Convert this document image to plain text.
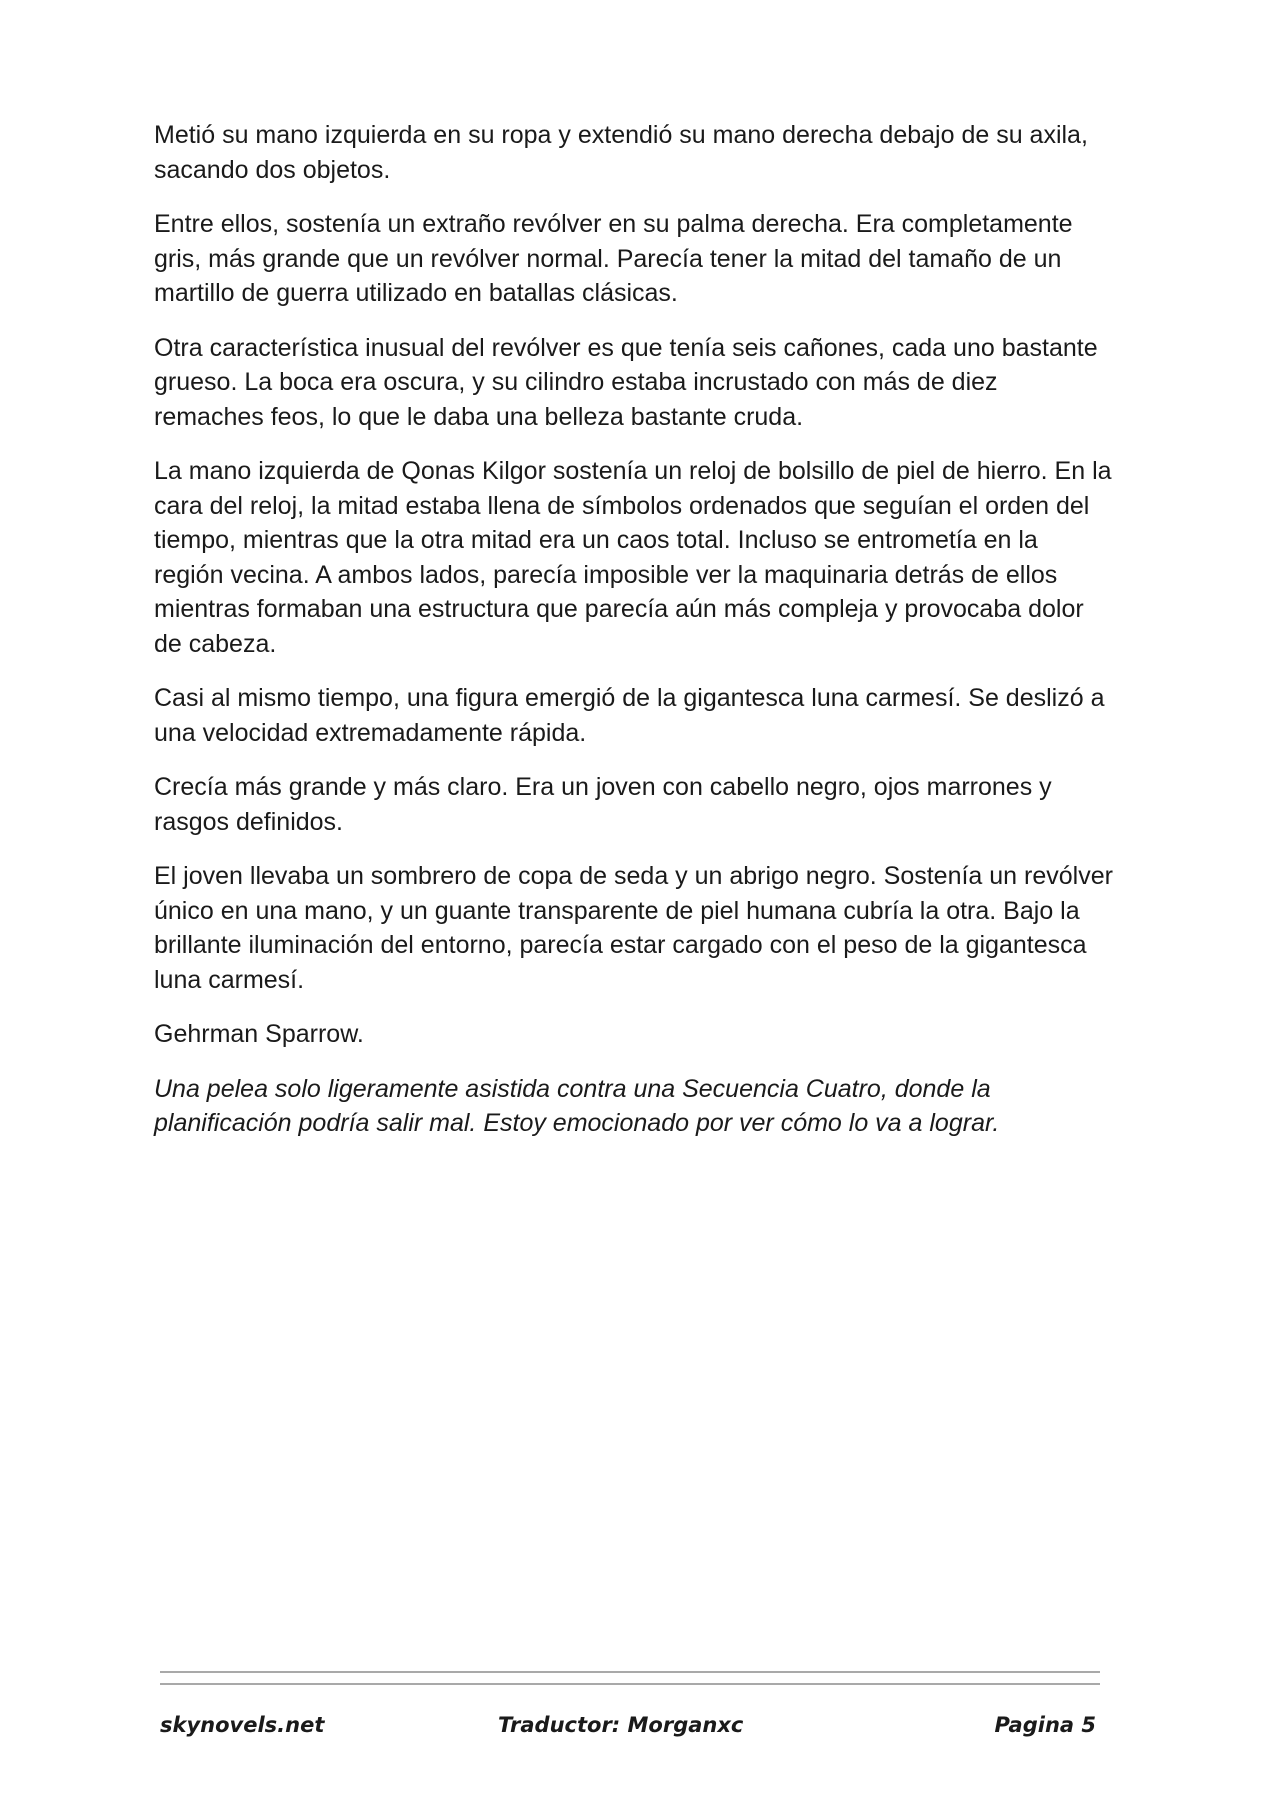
Metió su mano izquierda en su ropa y extendió su mano derecha debajo de su axila, sacando dos objetos.

Entre ellos, sostenía un extraño revólver en su palma derecha. Era completamente gris, más grande que un revólver normal. Parecía tener la mitad del tamaño de un martillo de guerra utilizado en batallas clásicas.

Otra característica inusual del revólver es que tenía seis cañones, cada uno bastante grueso. La boca era oscura, y su cilindro estaba incrustado con más de diez remaches feos, lo que le daba una belleza bastante cruda.

La mano izquierda de Qonas Kilgor sostenía un reloj de bolsillo de piel de hierro. En la cara del reloj, la mitad estaba llena de símbolos ordenados que seguían el orden del tiempo, mientras que la otra mitad era un caos total. Incluso se entrometía en la región vecina. A ambos lados, parecía imposible ver la maquinaria detrás de ellos mientras formaban una estructura que parecía aún más compleja y provocaba dolor de cabeza.

Casi al mismo tiempo, una figura emergió de la gigantesca luna carmesí. Se deslizó a una velocidad extremadamente rápida.

Crecía más grande y más claro. Era un joven con cabello negro, ojos marrones y rasgos definidos.

El joven llevaba un sombrero de copa de seda y un abrigo negro. Sostenía un revólver único en una mano, y un guante transparente de piel humana cubría la otra. Bajo la brillante iluminación del entorno, parecía estar cargado con el peso de la gigantesca luna carmesí.

Gehrman Sparrow.

Una pelea solo ligeramente asistida contra una Secuencia Cuatro, donde la planificación podría salir mal. Estoy emocionado por ver cómo lo va a lograr.

skynovels.net	Traductor: Morganxc	Pagina 5
